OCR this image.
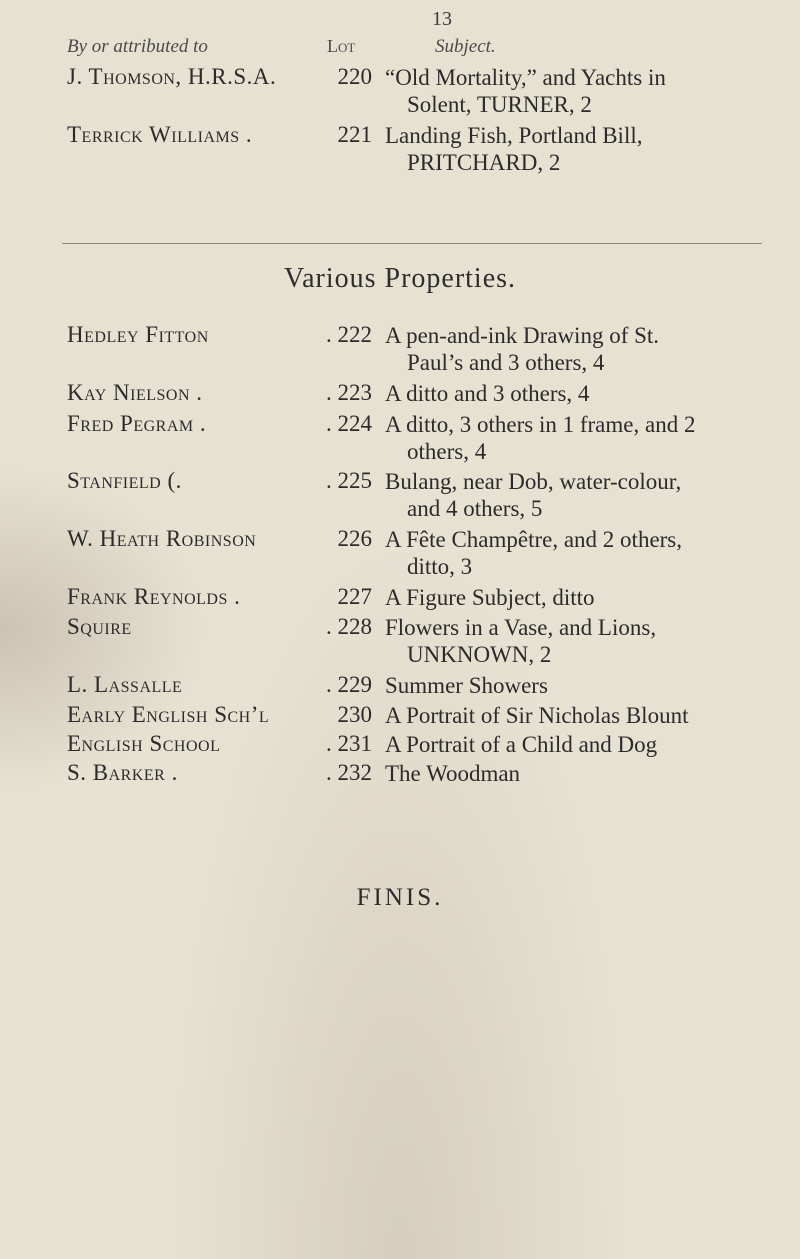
13
By or attributed to	Lot	Subject.
J. Thomson, H.R.S.A.	220 “Old Mortality,” and Yachts in
Solent, TURNER, 2
Terrick Williams .	221 Landing Fish, Portland Bill,
PRITCHARD, 2
Various Properties.
Hedley Fitton	. 222 A pen-and-ink Drawing of St.
Paul’s and 3 others, 4
Kay Nielson .	. 223 A ditto and 3 others, 4
Fred Pegram .	. 224 A ditto, 3 others in 1 frame, and 2
others, 4
Stanfield (.	. 225 Bulang, near Dob, water-colour,
and 4 others, 5
W. Heath Robinson	226 A Fête Champêtre, and 2 others,
ditto, 3
Frank Reynolds .	227 A Figure Subject, ditto
Squire	. 228 Flowers in a Vase, and Lions,
UNKNOWN, 2
L. Lassalle	. 229 Summer Showers
Early English Sch’l	230 A Portrait of Sir Nicholas Blount
English School	. 231 A Portrait of a Child and Dog
S. Barker .	. 232 The Woodman
FINIS.
